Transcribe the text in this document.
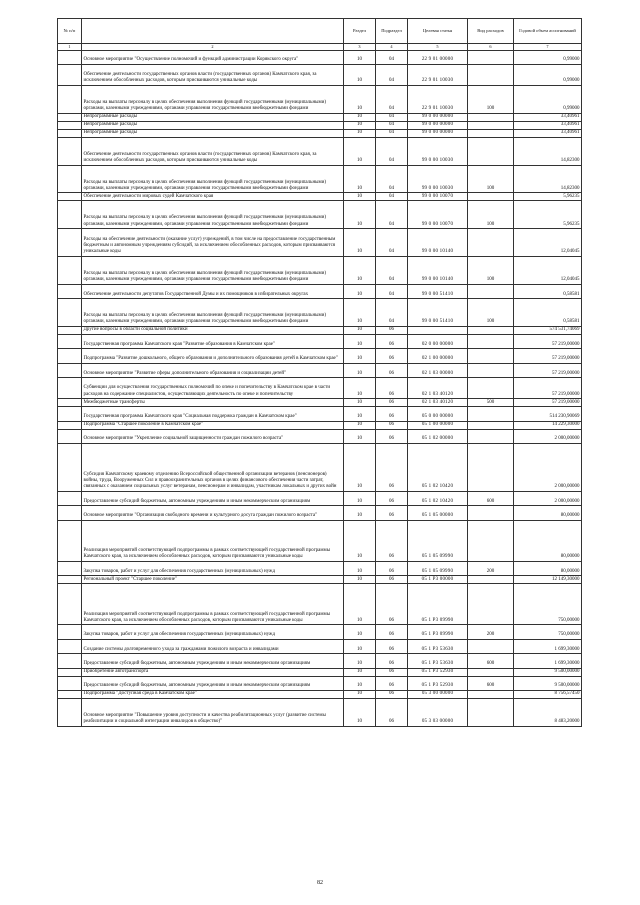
№ п/п		Раздел	Подраздел	Целевая статья	Вид расходов	Годовой объем ассигнований
1	2	3	4	5	6	7
	Основное мероприятие "Осуществление полномочий и функций администрации Корякского округа"	10	04	22 9 01 00000		0,99000
	Обеспечение деятельности государственных органов власти (государственных органов) Камчатского края, за исключением обособленных расходов, которым присваиваются уникальные коды	10	04	22 9 01 10030		0,99000
	Расходы на выплаты персоналу в целях обеспечения выполнения функций государственными (муниципальными) органами, казенными учреждениями, органами управления государственными внебюджетными фондами	10	04	22 9 01 10030	100	0,99000
	Непрограммные расходы	10	04	99 0 00 00000		33,40961
	Непрограммные расходы	10	04	99 0 00 00000		33,40961
	Непрограммные расходы	10	04	99 0 00 00000		33,40961
	Обеспечение деятельности государственных органов власти (государственных органов) Камчатского края, за исключением обособленных расходов, которым присваиваются уникальные коды	10	04	99 0 00 10030		14,82300
	Расходы на выплаты персоналу в целях обеспечения выполнения функций государственными (муниципальными) органами, казенными учреждениями, органами управления государственными внебюджетными фондами	10	04	99 0 00 10030	100	14,82300
	Обеспечение деятельности мировых судей Камчатского края	10	04	99 0 00 10070		5,96235
	Расходы на выплаты персоналу в целях обеспечения выполнения функций государственными (муниципальными) органами, казенными учреждениями, органами управления государственными внебюджетными фондами	10	04	99 0 00 10070	100	5,96235
	Расходы на обеспечение деятельности (оказание услуг) учреждений, в том числе на предоставление государственным бюджетным и автономным учреждениям субсидий, за исключением обособленных расходов, которым присваиваются уникальные коды	10	04	99 0 00 10140		12,04045
	Расходы на выплаты персоналу в целях обеспечения выполнения функций государственными (муниципальными) органами, казенными учреждениями, органами управления государственными внебюджетными фондами	10	04	99 0 00 10140	100	12,04045
	Обеспечение деятельности депутатов Государственной Думы и их помощников в избирательных округах	10	04	99 0 00 51410		0,58581
	Расходы на выплаты персоналу в целях обеспечения выполнения функций государственными (муниципальными) органами, казенными учреждениями, органами управления государственными внебюджетными фондами	10	04	99 0 00 51410	100	0,58581
	Другие вопросы в области социальной политики	10	06			574 531,74069
	Государственная программа Камчатского края "Развитие образования в Камчатском крае"	10	06	02 0 00 00000		57 219,00000
	Подпрограмма "Развитие дошкольного, общего образования и дополнительного образования детей в Камчатском крае"	10	06	02 1 00 00000		57 219,00000
	Основное мероприятие "Развитие сферы дополнительного образования и социализации детей"	10	06	02 1 03 00000		57 219,00000
	Субвенции для осуществления государственных полномочий по опеке и попечительству в Камчатском крае в части расходов на содержание специалистов, осуществляющих деятельность по опеке и попечительству	10	06	02 1 03 40120		57 219,00000
	Межбюджетные трансферты	10	06	02 1 03 40120	500	57 219,00000
	Государственная программа Камчатского края "Социальная поддержка граждан в Камчатском крае"	10	06	05 0 00 00000		514 230,90069
	Подпрограмма "Старшее поколение в Камчатском крае"	10	06	05 1 00 00000		14 229,30000
	Основное мероприятие "Укрепление социальной защищенности граждан пожилого возраста"	10	06	05 1 02 00000		2 000,00000
	Субсидия Камчатскому краевому отделению Всероссийской общественной организации ветеранов (пенсионеров) войны, труда, Вооруженных Сил и правоохранительных органов в целях финансового обеспечения части затрат, связанных с оказанием социальных услуг ветеранам, пенсионерам и инвалидам, участникам локальных и других войн	10	06	05 1 02 10420		2 000,00000
	Предоставление субсидий бюджетным, автономным учреждениям и иным некоммерческим организациям	10	06	05 1 02 10420	600	2 000,00000
	Основное мероприятие "Организация свободного времени и культурного досуга граждан пожилого возраста"	10	06	05 1 05 00000		80,00000
	Реализация мероприятий соответствующей подпрограммы в рамках соответствующей государственной программы Камчатского края, за исключением обособленных расходов, которым присваиваются уникальные коды	10	06	05 1 05 09990		80,00000
	Закупка товаров, работ и услуг для обеспечения государственных (муниципальных) нужд	10	06	05 1 05 09990	200	80,00000
	Региональный проект "Старшее поколение"	10	06	05 1 P3 00000		12 149,30000
	Реализация мероприятий соответствующей подпрограммы в рамках соответствующей государственной программы Камчатского края, за исключением обособленных расходов, которым присваиваются уникальные коды	10	06	05 1 P3 09990		750,00000
	Закупка товаров, работ и услуг для обеспечения государственных (муниципальных) нужд	10	06	05 1 P3 09990	200	750,00000
	Создание системы долговременного ухода за гражданами пожилого возраста и инвалидами	10	06	05 1 P3 53630		1 699,30000
	Предоставление субсидий бюджетным, автономным учреждениям и иным некоммерческим организациям	10	06	05 1 P3 53630	600	1 699,30000
	Приобретение автотранспорта	10	06	05 1 P3 52930		9 500,00000
	Предоставление субсидий бюджетным, автономным учреждениям и иным некоммерческим организациям	10	06	05 1 P3 52930	600	9 500,00000
	Подпрограмма "Доступная среда в Камчатском крае"	10	06	05 3 00 00000		8 756,57450
	Основное мероприятие "Повышение уровня доступности и качества реабилитационных услуг (развитие системы реабилитации и социальной интеграции инвалидов в общество)"	10	06	05 3 03 00000		8 483,20000
82
